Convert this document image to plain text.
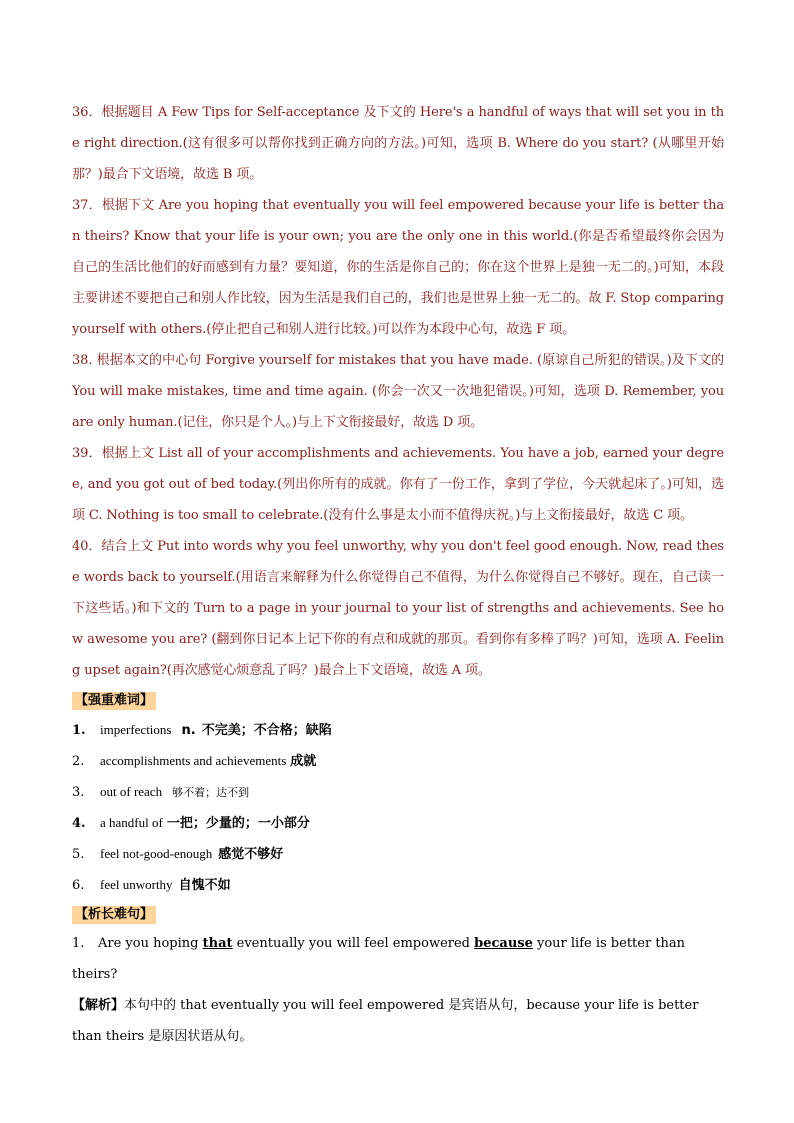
36．根据题目 A Few Tips for Self-acceptance 及下文的 Here's a handful of ways that will set you in the right direction.(这有很多可以帮你找到正确方向的方法。)可知，选项 B. Where do you start? (从哪里开始那？)最合下文语境，故选 B 项。

37．根据下文 Are you hoping that eventually you will feel empowered because your life is better than theirs? Know that your life is your own; you are the only one in this world.(你是否希望最终你会因为自己的生活比他们的好而感到有力量？要知道，你的生活是你自己的；你在这个世界上是独一无二的。)可知，本段主要讲述不要把自己和别人作比较，因为生活是我们自己的，我们也是世界上独一无二的。故 F. Stop comparing yourself with others.(停止把自己和别人进行比较。)可以作为本段中心句，故选 F 项。

38. 根据本文的中心句 Forgive yourself for mistakes that you have made. (原谅自己所犯的错误。)及下文的 You will make mistakes, time and time again. (你会一次又一次地犯错误。)可知，选项 D. Remember, you are only human.(记住，你只是个人。)与上下文衔接最好，故选 D 项。

39．根据上文 List all of your accomplishments and achievements. You have a job, earned your degree, and you got out of bed today.(列出你所有的成就。你有了一份工作，拿到了学位，今天就起床了。)可知，选项 C. Nothing is too small to celebrate.(没有什么事是太小而不值得庆祝。)与上文衔接最好，故选 C 项。

40．结合上文 Put into words why you feel unworthy, why you don't feel good enough. Now, read these words back to yourself.(用语言来解释为什么你觉得自己不值得，为什么你觉得自己不够好。现在，自己读一下这些话。)和下文的 Turn to a page in your journal to your list of strengths and achievements. See how awesome you are? (翻到你日记本上记下你的有点和成就的那页。看到你有多棒了吗？)可知，选项 A. Feeling upset again?(再次感觉心烦意乱了吗？)最合上下文语境，故选 A 项。

【强重难词】
1.	imperfections n. 不完美；不合格；缺陷
2.	accomplishments and achievements 成就
3.	out of reach 够不着；达不到
4.	a handful of 一把；少量的；一小部分
5.	feel not-good-enough 感觉不够好
6.	feel unworthy 自愧不如
【析长难句】

1. Are you hoping that eventually you will feel empowered because your life is better than theirs?

【解析】本句中的 that eventually you will feel empowered 是宾语从句，because your life is better than theirs 是原因状语从句。
